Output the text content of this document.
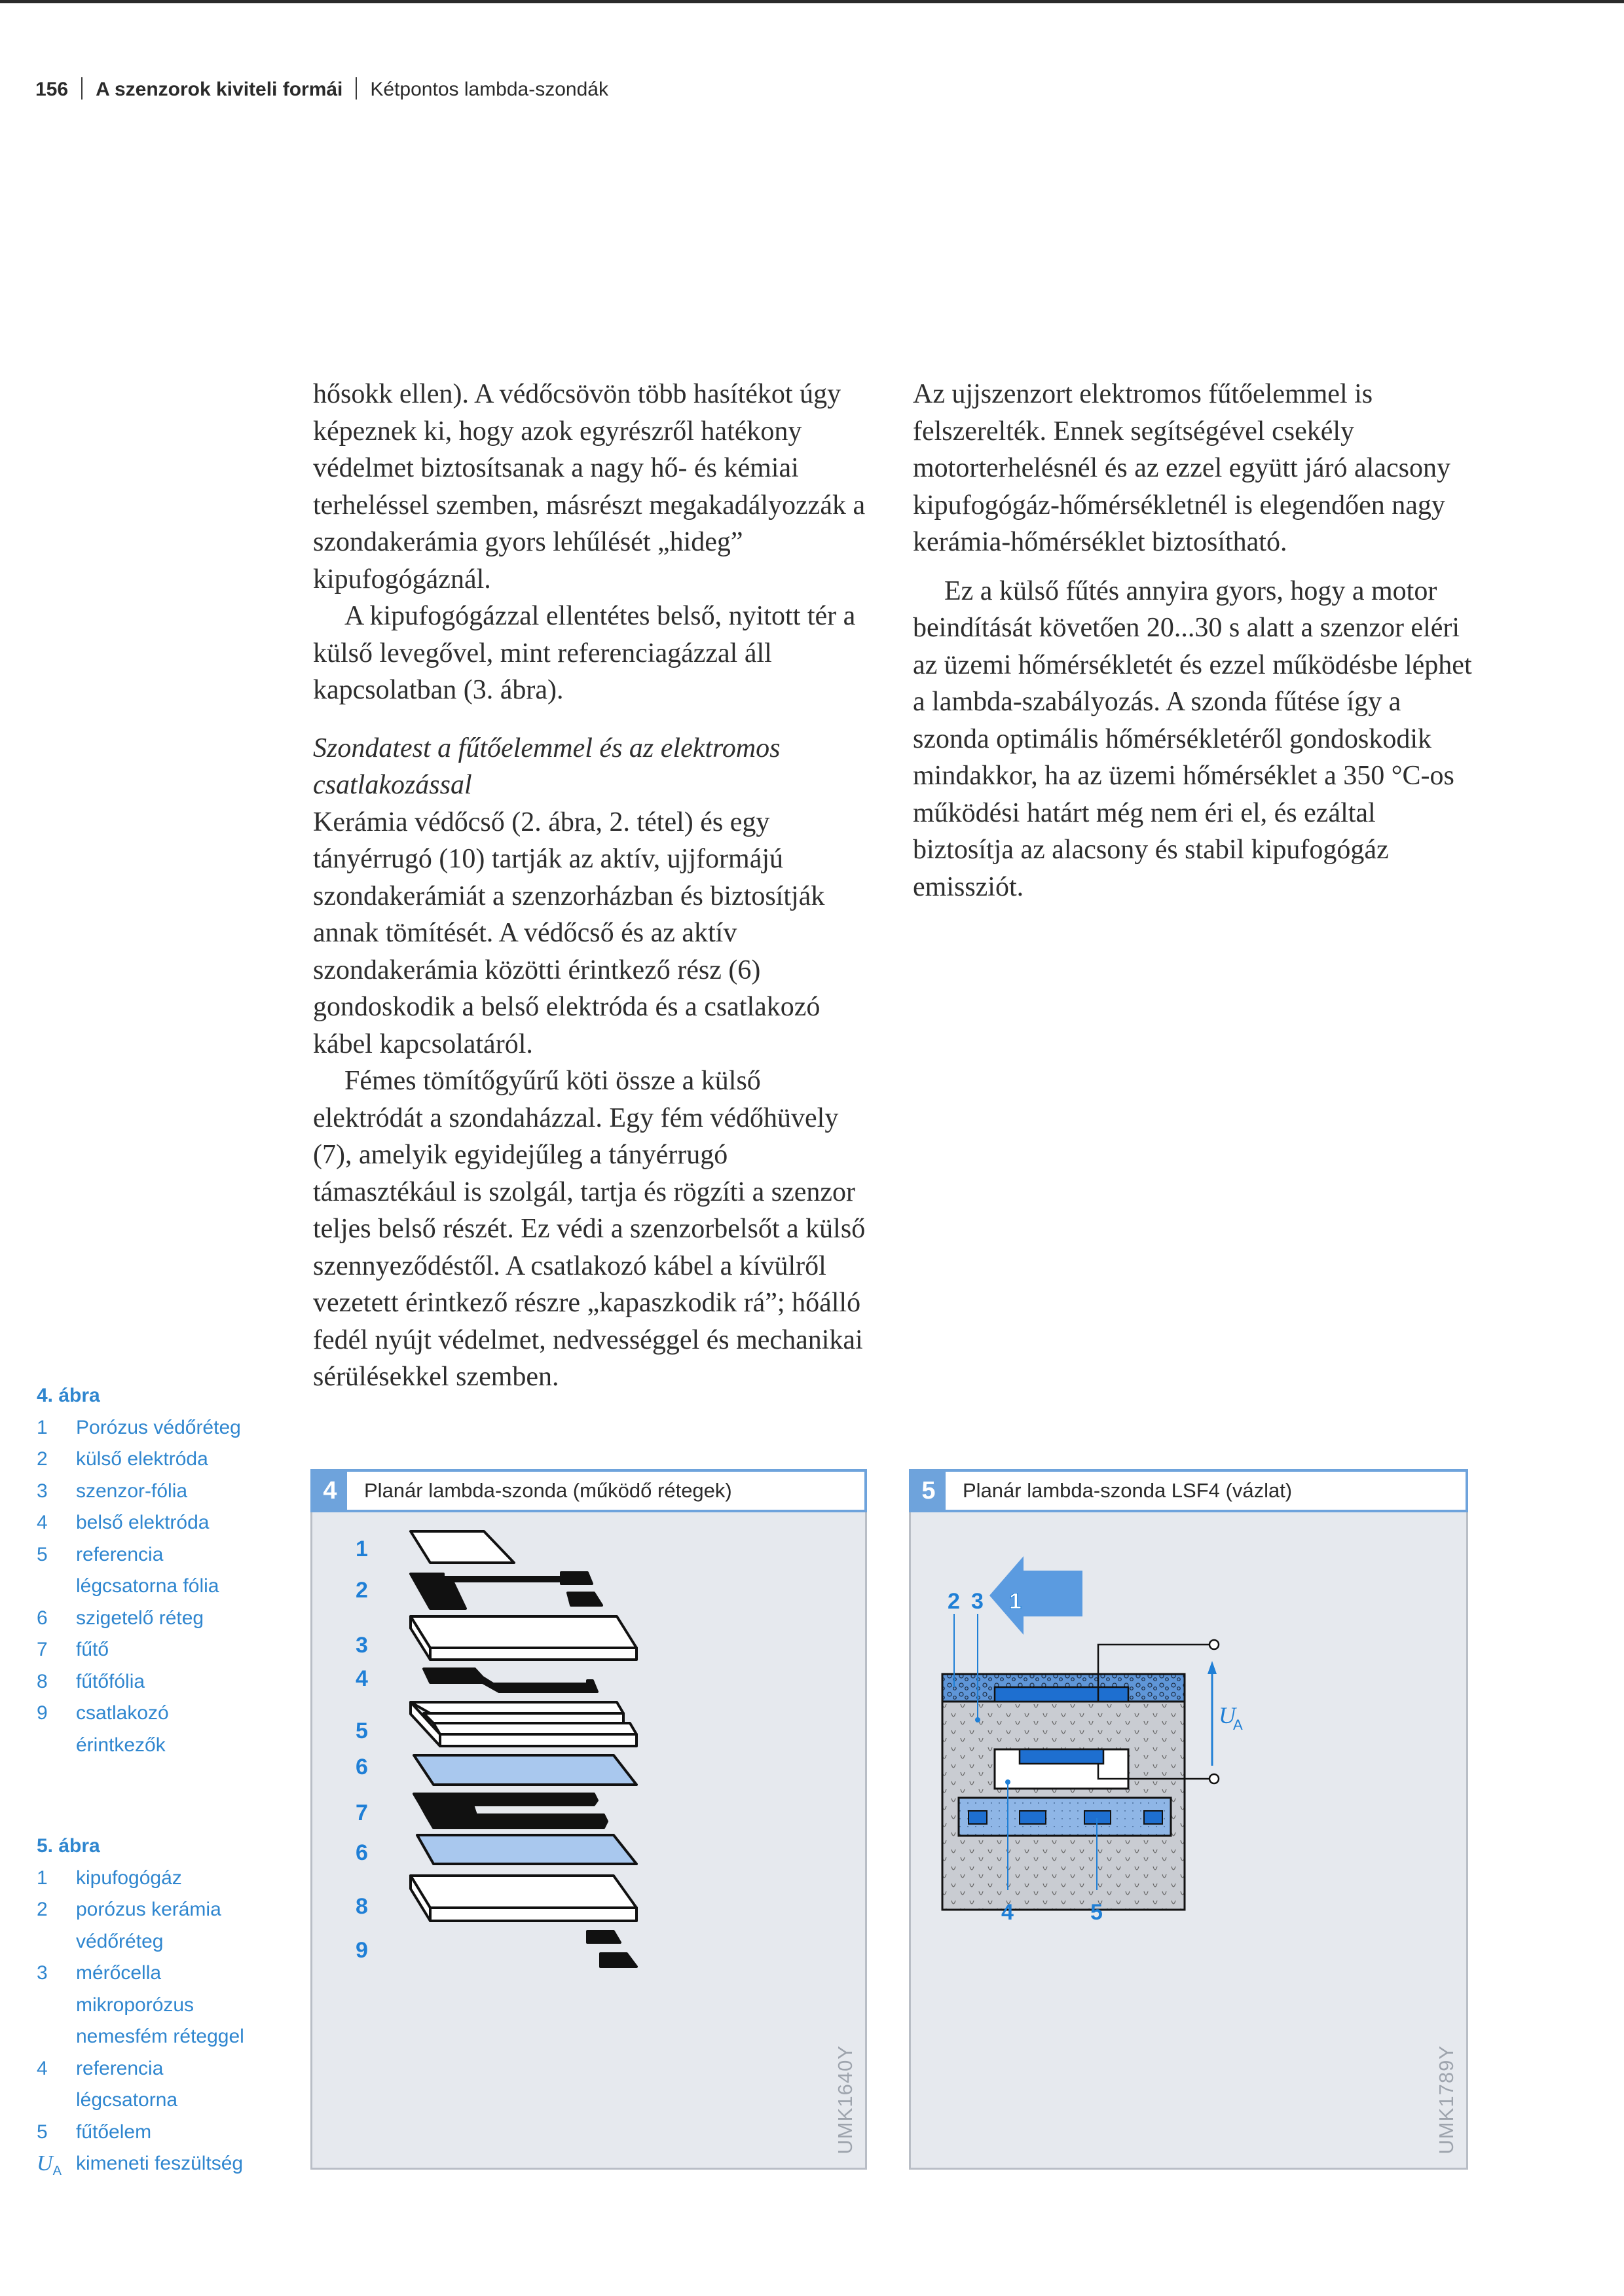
156 A szenzorok kiviteli formái Kétpontos lambda-szondák

hősokk ellen). A védőcsövön több hasítékot úgy képeznek ki, hogy azok egyrészről hatékony védelmet biztosítsanak a nagy hő- és kémiai terheléssel szemben, másrészt megakadályozzák a szondakerámia gyors lehűlését „hideg” kipufogógáznál.

A kipufogógázzal ellentétes belső, nyitott tér a külső levegővel, mint referenciagázzal áll kapcsolatban (3. ábra).

Szondatest a fűtőelemmel és az elektromos csatlakozással

Kerámia védőcső (2. ábra, 2. tétel) és egy tányérrugó (10) tartják az aktív, ujjformájú szondakerámiát a szenzorházban és biztosítják annak tömítését. A védőcső és az aktív szondakerámia közötti érintkező rész (6) gondoskodik a belső elektróda és a csatlakozó kábel kapcsolatáról.

Fémes tömítőgyűrű köti össze a külső elektródát a szondaházzal. Egy fém védőhüvely (7), amelyik egyidejűleg a tányérrugó támasztékául is szolgál, tartja és rögzíti a szenzor teljes belső részét. Ez védi a szenzorbelsőt a külső szennyeződéstől. A csatlakozó kábel a kívülről vezetett érintkező részre „kapaszkodik rá”; hőálló fedél nyújt védelmet, nedvességgel és mechanikai sérülésekkel szemben.

Az ujjszenzort elektromos fűtőelemmel is felszerelték. Ennek segítségével csekély motorterhelésnél és az ezzel együtt járó alacsony kipufogógáz-hőmérsékletnél is elegendően nagy kerámia-hőmérséklet biztosítható.

Ez a külső fűtés annyira gyors, hogy a motor beindítását követően 20...30 s alatt a szenzor eléri az üzemi hőmérsékletét és ezzel működésbe léphet a lambda-szabályozás. A szonda fűtése így a szonda optimális hőmérsékletéről gondoskodik mindakkor, ha az üzemi hőmérséklet a 350 °C-os működési határt még nem éri el, és ezáltal biztosítja az alacsony és stabil kipufogógáz emissziót.

4. ábra
1	Porózus védőréteg
2	külső elektróda
3	szenzor-fólia
4	belső elektróda
5	referencia légcsatorna fólia
6	szigetelő réteg
7	fűtő
8	fűtőfólia
9	csatlakozó érintkezők
5. ábra
1	kipufogógáz
2	porózus kerámia védőréteg
3	mérőcella mikroporózus nemesfém réteggel
4	referencia légcsatorna
5	fűtőelem
$U_A$ kimeneti feszültség
1
2
3
4
5
6
7
6
8
9
4	Planár lambda-szonda (működő rétegek)
UMK1640Y
2 3 1
4	5
U
A
5	Planár lambda-szonda LSF4 (vázlat)
UMK1789Y
